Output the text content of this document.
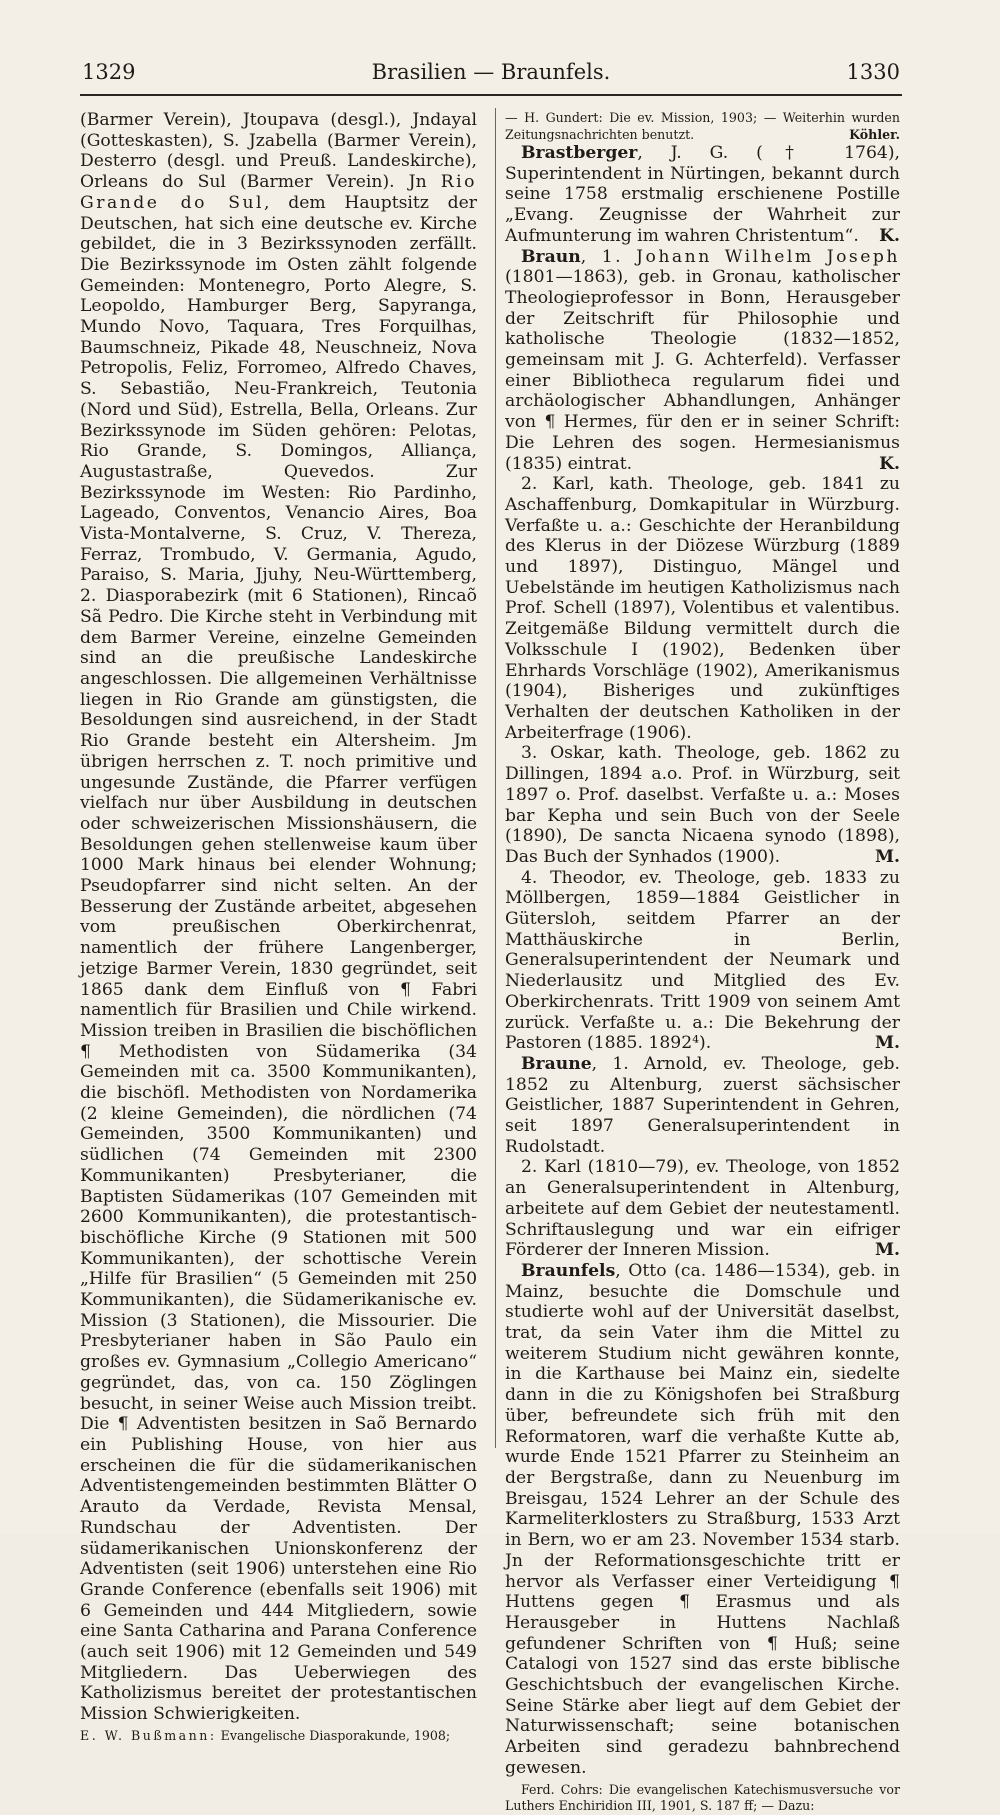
1329	Brasilien — Braunfels.	1330

(Barmer Verein), Jtoupava (desgl.), Jndayal (Gotteskasten), S. Jzabella (Barmer Verein), Desterro (desgl. und Preuß. Landeskirche), Orleans do Sul (Barmer Verein). Jn Rio Grande do Sul, dem Hauptsitz der Deutschen, hat sich eine deutsche ev. Kirche gebildet, die in 3 Bezirkssynoden zerfällt. Die Bezirkssynode im Osten zählt folgende Gemeinden: Montenegro, Porto Alegre, S. Leopoldo, Hamburger Berg, Sapyranga, Mundo Novo, Taquara, Tres Forquilhas, Baumschneiz, Pikade 48, Neuschneiz, Nova Petropolis, Feliz, Forromeo, Alfredo Chaves, S. Sebastião, Neu-Frankreich, Teutonia (Nord und Süd), Estrella, Bella, Orleans. Zur Bezirkssynode im Süden gehören: Pelotas, Rio Grande, S. Domingos, Alliança, Augustastraße, Quevedos. Zur Bezirkssynode im Westen: Rio Pardinho, Lageado, Conventos, Venancio Aires, Boa Vista-Montalverne, S. Cruz, V. Thereza, Ferraz, Trombudo, V. Germania, Agudo, Paraiso, S. Maria, Jjuhy, Neu-Württemberg, 2. Diasporabezirk (mit 6 Stationen), Rincaõ Sã Pedro. Die Kirche steht in Verbindung mit dem Barmer Vereine, einzelne Gemeinden sind an die preußische Landeskirche angeschlossen. Die allgemeinen Verhältnisse liegen in Rio Grande am günstigsten, die Besoldungen sind ausreichend, in der Stadt Rio Grande besteht ein Altersheim. Jm übrigen herrschen z. T. noch primitive und ungesunde Zustände, die Pfarrer verfügen vielfach nur über Ausbildung in deutschen oder schweizerischen Missionshäusern, die Besoldungen gehen stellenweise kaum über 1000 Mark hinaus bei elender Wohnung; Pseudopfarrer sind nicht selten. An der Besserung der Zustände arbeitet, abgesehen vom preußischen Oberkirchenrat, namentlich der frühere Langenberger, jetzige Barmer Verein, 1830 gegründet, seit 1865 dank dem Einfluß von ¶ Fabri namentlich für Brasilien und Chile wirkend. Mission treiben in Brasilien die bischöflichen ¶ Methodisten von Südamerika (34 Gemeinden mit ca. 3500 Kommunikanten), die bischöfl. Methodisten von Nordamerika (2 kleine Gemeinden), die nördlichen (74 Gemeinden, 3500 Kommunikanten) und südlichen (74 Gemeinden mit 2300 Kommunikanten) Presbyterianer, die Baptisten Südamerikas (107 Gemeinden mit 2600 Kommunikanten), die protestantisch-bischöfliche Kirche (9 Stationen mit 500 Kommunikanten), der schottische Verein „Hilfe für Brasilien“ (5 Gemeinden mit 250 Kommunikanten), die Südamerikanische ev. Mission (3 Stationen), die Missourier. Die Presbyterianer haben in São Paulo ein großes ev. Gymnasium „Collegio Americano“ gegründet, das, von ca. 150 Zöglingen besucht, in seiner Weise auch Mission treibt. Die ¶ Adventisten besitzen in Saõ Bernardo ein Publishing House, von hier aus erscheinen die für die südamerikanischen Adventistengemeinden bestimmten Blätter O Arauto da Verdade, Revista Mensal, Rundschau der Adventisten. Der südamerikanischen Unionskonferenz der Adventisten (seit 1906) unterstehen eine Rio Grande Conference (ebenfalls seit 1906) mit 6 Gemeinden und 444 Mitgliedern, sowie eine Santa Catharina and Parana Conference (auch seit 1906) mit 12 Gemeinden und 549 Mitgliedern. Das Ueberwiegen des Katholizismus bereitet der protestantischen Mission Schwierigkeiten.

E. W. Bußmann: Evangelische Diasporakunde, 1908;

— H. Gundert: Die ev. Mission, 1903; — Weiterhin wurden Zeitungsnachrichten benutzt.	Köhler.

Brastberger, J. G. († 1764), Superintendent in Nürtingen, bekannt durch seine 1758 erstmalig erschienene Postille „Evang. Zeugnisse der Wahrheit zur Aufmunterung im wahren Christentum“.	K.

Braun, 1. Johann Wilhelm Joseph (1801—1863), geb. in Gronau, katholischer Theologieprofessor in Bonn, Herausgeber der Zeitschrift für Philosophie und katholische Theologie (1832—1852, gemeinsam mit J. G. Achterfeld). Verfasser einer Bibliotheca regularum fidei und archäologischer Abhandlungen, Anhänger von ¶ Hermes, für den er in seiner Schrift: Die Lehren des sogen. Hermesianismus (1835) eintrat.	K.

2. Karl, kath. Theologe, geb. 1841 zu Aschaffenburg, Domkapitular in Würzburg. Verfaßte u. a.: Geschichte der Heranbildung des Klerus in der Diözese Würzburg (1889 und 1897), Distinguo, Mängel und Uebelstände im heutigen Katholizismus nach Prof. Schell (1897), Volentibus et valentibus. Zeitgemäße Bildung vermittelt durch die Volksschule I (1902), Bedenken über Ehrhards Vorschläge (1902), Amerikanismus (1904), Bisheriges und zukünftiges Verhalten der deutschen Katholiken in der Arbeiterfrage (1906).

3. Oskar, kath. Theologe, geb. 1862 zu Dillingen, 1894 a.o. Prof. in Würzburg, seit 1897 o. Prof. daselbst. Verfaßte u. a.: Moses bar Kepha und sein Buch von der Seele (1890), De sancta Nicaena synodo (1898), Das Buch der Synhados (1900).	M.

4. Theodor, ev. Theologe, geb. 1833 zu Möllbergen, 1859—1884 Geistlicher in Gütersloh, seitdem Pfarrer an der Matthäuskirche in Berlin, Generalsuperintendent der Neumark und Niederlausitz und Mitglied des Ev. Oberkirchenrats. Tritt 1909 von seinem Amt zurück. Verfaßte u. a.: Die Bekehrung der Pastoren (1885. 1892⁴).	M.

Braune, 1. Arnold, ev. Theologe, geb. 1852 zu Altenburg, zuerst sächsischer Geistlicher, 1887 Superintendent in Gehren, seit 1897 Generalsuperintendent in Rudolstadt.

2. Karl (1810—79), ev. Theologe, von 1852 an Generalsuperintendent in Altenburg, arbeitete auf dem Gebiet der neutestamentl. Schriftauslegung und war ein eifriger Förderer der Inneren Mission.	M.

Braunfels, Otto (ca. 1486—1534), geb. in Mainz, besuchte die Domschule und studierte wohl auf der Universität daselbst, trat, da sein Vater ihm die Mittel zu weiterem Studium nicht gewähren konnte, in die Karthause bei Mainz ein, siedelte dann in die zu Königshofen bei Straßburg über, befreundete sich früh mit den Reformatoren, warf die verhaßte Kutte ab, wurde Ende 1521 Pfarrer zu Steinheim an der Bergstraße, dann zu Neuenburg im Breisgau, 1524 Lehrer an der Schule des Karmeliterklosters zu Straßburg, 1533 Arzt in Bern, wo er am 23. November 1534 starb. Jn der Reformationsgeschichte tritt er hervor als Verfasser einer Verteidigung ¶ Huttens gegen ¶ Erasmus und als Herausgeber in Huttens Nachlaß gefundener Schriften von ¶ Huß; seine Catalogi von 1527 sind das erste biblische Geschichtsbuch der evangelischen Kirche. Seine Stärke aber liegt auf dem Gebiet der Naturwissenschaft; seine botanischen Arbeiten sind geradezu bahnbrechend gewesen.

Ferd. Cohrs: Die evangelischen Katechismusversuche vor Luthers Enchiridion III, 1901, S. 187 ff; — Dazu:
